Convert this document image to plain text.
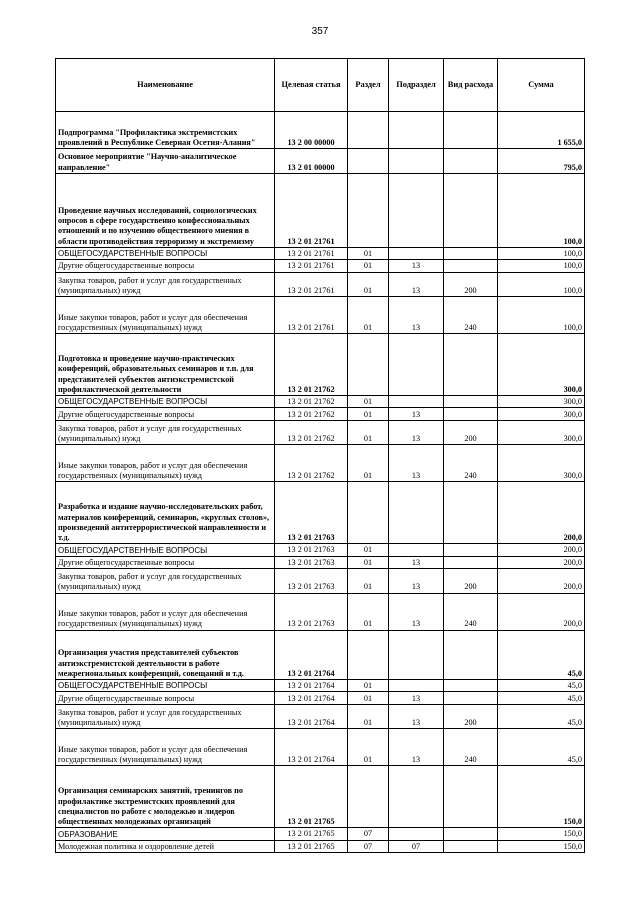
357
Наименование	Целевая статья	Раздел	Подраздел	Вид расхода	Сумма
Подпрограмма "Профилактика экстремистских проявлений в Республике Северная Осетия-Алания"	13 2 00 00000				1 655,0
Основное мероприятие "Научно-аналитическое направление"	13 2 01 00000				795,0
Проведение научных исследований, социологических опросов в сфере государственно конфессиональных отношений и по изучению общественного мнения в области противодействия терроризму и экстремизму	13 2 01 21761				100,0
ОБЩЕГОСУДАРСТВЕННЫЕ ВОПРОСЫ	13 2 01 21761	01			100,0
Другие общегосударственные вопросы	13 2 01 21761	01	13		100,0
Закупка товаров, работ и услуг для государственных (муниципальных) нужд	13 2 01 21761	01	13	200	100,0
Иные закупки товаров, работ и услуг для обеспечения государственных (муниципальных) нужд	13 2 01 21761	01	13	240	100,0
Подготовка и проведение научно-практических конференций, образовательных семинаров и т.п. для представителей субъектов антиэкстремистской профилактической деятельности	13 2 01 21762				300,0
ОБЩЕГОСУДАРСТВЕННЫЕ ВОПРОСЫ	13 2 01 21762	01			300,0
Другие общегосударственные вопросы	13 2 01 21762	01	13		300,0
Закупка товаров, работ и услуг для государственных (муниципальных) нужд	13 2 01 21762	01	13	200	300,0
Иные закупки товаров, работ и услуг для обеспечения государственных (муниципальных) нужд	13 2 01 21762	01	13	240	300,0
Разработка и издание научно-исследовательских работ, материалов конференций, семинаров, «круглых столов», произведений антитеррористической направленности и т.д.	13 2 01 21763				200,0
ОБЩЕГОСУДАРСТВЕННЫЕ ВОПРОСЫ	13 2 01 21763	01			200,0
Другие общегосударственные вопросы	13 2 01 21763	01	13		200,0
Закупка товаров, работ и услуг для государственных (муниципальных) нужд	13 2 01 21763	01	13	200	200,0
Иные закупки товаров, работ и услуг для обеспечения государственных (муниципальных) нужд	13 2 01 21763	01	13	240	200,0
Организация участия представителей субъектов антиэкстремистской деятельности в работе межрегиональных конференций, совещаний и т.д.	13 2 01 21764				45,0
ОБЩЕГОСУДАРСТВЕННЫЕ ВОПРОСЫ	13 2 01 21764	01			45,0
Другие общегосударственные вопросы	13 2 01 21764	01	13		45,0
Закупка товаров, работ и услуг для государственных (муниципальных) нужд	13 2 01 21764	01	13	200	45,0
Иные закупки товаров, работ и услуг для обеспечения государственных (муниципальных) нужд	13 2 01 21764	01	13	240	45,0
Организация семинарских занятий, тренингов по профилактике экстремистских проявлений для специалистов по работе с молодежью и лидеров общественных молодежных организаций	13 2 01 21765				150,0
ОБРАЗОВАНИЕ	13 2 01 21765	07			150,0
Молодежная политика и оздоровление детей	13 2 01 21765	07	07		150,0
